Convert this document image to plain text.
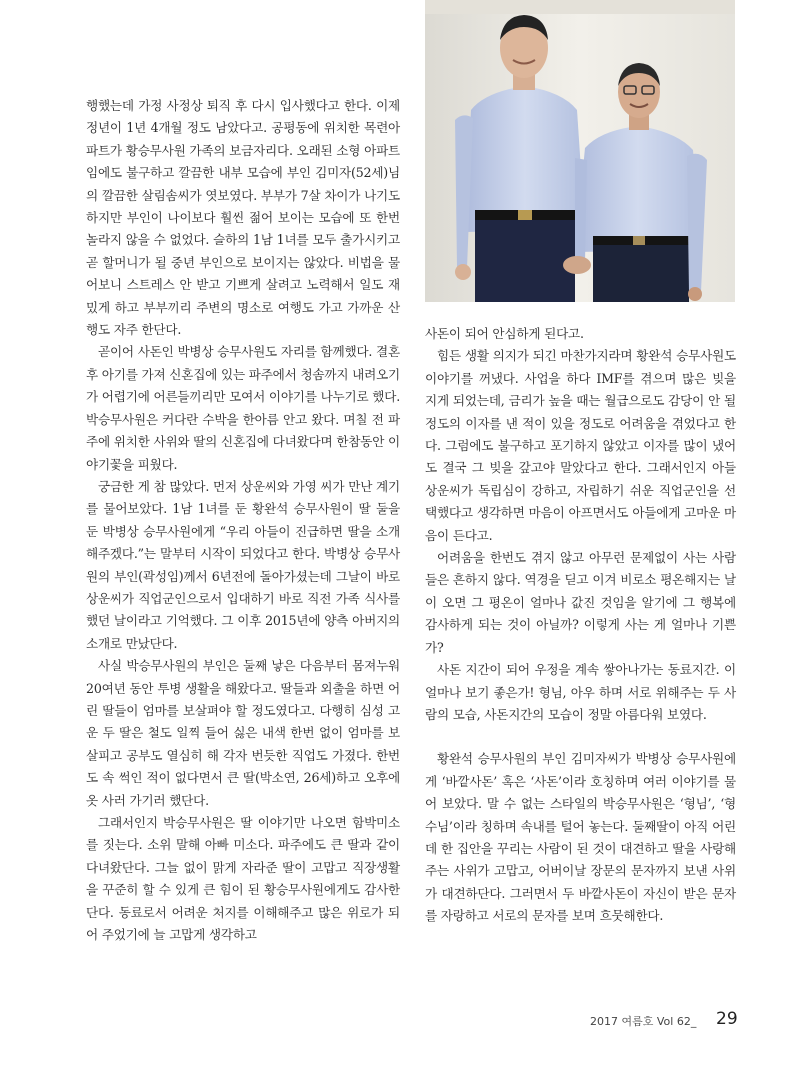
행했는데 가정 사정상 퇴직 후 다시 입사했다고 한다. 이제 정년이 1년 4개월 정도 남았다고. 공평동에 위치한 목련아파트가 황승무사원 가족의 보금자리다. 오래된 소형 아파트임에도 불구하고 깔끔한 내부 모습에 부인 김미자(52세)님의 깔끔한 살림솜씨가 엿보였다. 부부가 7살 차이가 나기도 하지만 부인이 나이보다 훨씬 젊어 보이는 모습에 또 한번 놀라지 않을 수 없었다. 슬하의 1남 1녀를 모두 출가시키고 곧 할머니가 될 중년 부인으로 보이지는 않았다. 비법을 물어보니 스트레스 안 받고 기쁘게 살려고 노력해서 일도 재밌게 하고 부부끼리 주변의 명소로 여행도 가고 가까운 산행도 자주 한단다.

곧이어 사돈인 박병상 승무사원도 자리를 함께했다. 결혼 후 아기를 가져 신혼집에 있는 파주에서 청솜까지 내려오기가 어렵기에 어른들끼리만 모여서 이야기를 나누기로 했다. 박승무사원은 커다란 수박을 한아름 안고 왔다. 며칠 전 파주에 위치한 사위와 딸의 신혼집에 다녀왔다며 한참동안 이야기꽃을 피웠다.

궁금한 게 참 많았다. 먼저 상운씨와 가영 씨가 만난 계기를 물어보았다. 1남 1녀를 둔 황완석 승무사원이 딸 둘을 둔 박병상 승무사원에게 “우리 아들이 진급하면 딸을 소개해주겠다.”는 말부터 시작이 되었다고 한다. 박병상 승무사원의 부인(곽성임)께서 6년전에 돌아가셨는데 그날이 바로 상운씨가 직업군인으로서 입대하기 바로 직전 가족 식사를 했던 날이라고 기억했다. 그 이후 2015년에 양측 아버지의 소개로 만났단다.

사실 박승무사원의 부인은 둘째 낳은 다음부터 몸져누워 20여년 동안 투병 생활을 해왔다고. 딸들과 외출을 하면 어린 딸들이 엄마를 보살펴야 할 정도였다고. 다행히 심성 고운 두 딸은 철도 일찍 들어 싫은 내색 한번 없이 엄마를 보살피고 공부도 열심히 해 각자 번듯한 직업도 가졌다. 한번도 속 썩인 적이 없다면서 큰 딸(박소연, 26세)하고 오후에 옷 사러 가기러 했단다.

그래서인지 박승무사원은 딸 이야기만 나오면 함박미소를 짓는다. 소위 말해 아빠 미소다. 파주에도 큰 딸과 같이 다녀왔단다. 그늘 없이 맑게 자라준 딸이 고맙고 직장생활을 꾸준히 할 수 있게 큰 힘이 된 황승무사원에게도 감사한단다. 동료로서 어려운 처지를 이해해주고 많은 위로가 되어 주었기에 늘 고맙게 생각하고

사돈이 되어 안심하게 된다고.

힘든 생활 의지가 되긴 마찬가지라며 황완석 승무사원도 이야기를 꺼냈다. 사업을 하다 IMF를 겪으며 많은 빚을 지게 되었는데, 금리가 높을 때는 월급으로도 감당이 안 될 정도의 이자를 낸 적이 있을 정도로 어려움을 겪었다고 한다. 그럼에도 불구하고 포기하지 않았고 이자를 많이 냈어도 결국 그 빚을 갚고야 말았다고 한다. 그래서인지 아들 상운씨가 독립심이 강하고, 자립하기 쉬운 직업군인을 선택했다고 생각하면 마음이 아프면서도 아들에게 고마운 마음이 든다고.

어려움을 한번도 겪지 않고 아무런 문제없이 사는 사람들은 흔하지 않다. 역경을 딛고 이겨 비로소 평온해지는 날이 오면 그 평온이 얼마나 값진 것임을 알기에 그 행복에 감사하게 되는 것이 아닐까? 이렇게 사는 게 얼마나 기쁜가?

사돈 지간이 되어 우정을 계속 쌓아나가는 동료지간. 이 얼마나 보기 좋은가! 형님, 아우 하며 서로 위해주는 두 사람의 모습, 사돈지간의 모습이 정말 아름다워 보였다.

황완석 승무사원의 부인 김미자씨가 박병상 승무사원에게 ‘바깥사돈’ 혹은 ‘사돈’이라 호칭하며 여러 이야기를 물어 보았다. 말 수 없는 스타일의 박승무사원은 ‘형님’, ‘형수님’이라 칭하며 속내를 털어 놓는다. 둘째딸이 아직 어린데 한 집안을 꾸리는 사람이 된 것이 대견하고 딸을 사랑해주는 사위가 고맙고, 어버이날 장문의 문자까지 보낸 사위가 대견하단다. 그러면서 두 바깥사돈이 자신이 받은 문자를 자랑하고 서로의 문자를 보며 흐뭇해한다.

2017 여름호 Vol 62_ 29
